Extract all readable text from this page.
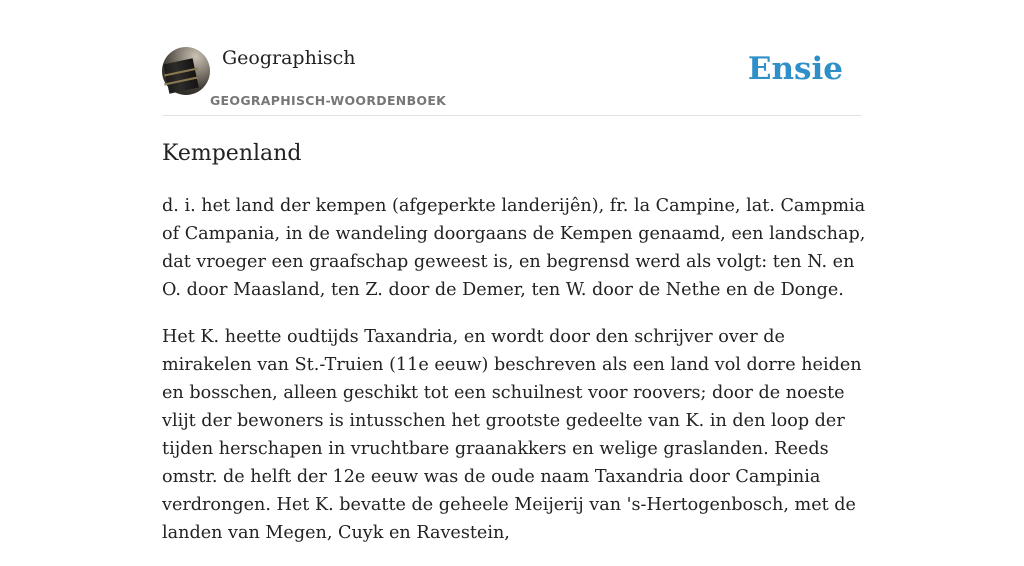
Geographisch
GEOGRAPHISCH-WOORDENBOEK
Ensie
Kempenland

d. i. het land der kempen (afgeperkte landerijên), fr. la Campine, lat. Campmia of Campania, in de wandeling doorgaans de Kempen genaamd, een landschap, dat vroeger een graafschap geweest is, en begrensd werd als volgt: ten N. en O. door Maasland, ten Z. door de Demer, ten W. door de Nethe en de Donge.

Het K. heette oudtijds Taxandria, en wordt door den schrijver over de mirakelen van St.-Truien (11e eeuw) beschreven als een land vol dorre heiden en bosschen, alleen geschikt tot een schuilnest voor roovers; door de noeste vlijt der bewoners is intusschen het grootste gedeelte van K. in den loop der tijden herschapen in vruchtbare graanakkers en welige graslanden. Reeds omstr. de helft der 12e eeuw was de oude naam Taxandria door Campinia verdrongen. Het K. bevatte de geheele Meijerij van 's-Hertogenbosch, met de landen van Megen, Cuyk en Ravestein,
